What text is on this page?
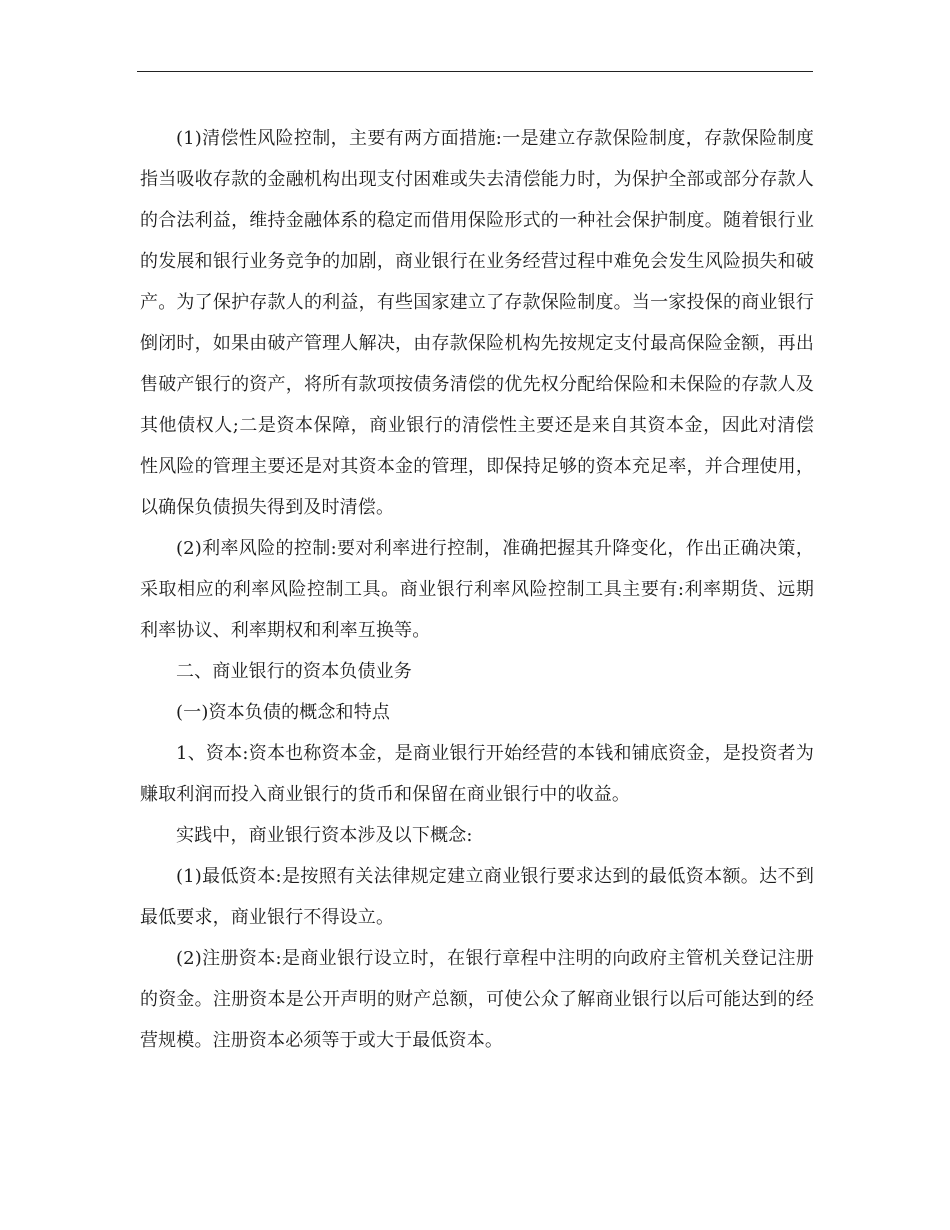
(1)清偿性风险控制，主要有两方面措施:一是建立存款保险制度，存款保险制度指当吸收存款的金融机构出现支付困难或失去清偿能力时，为保护全部或部分存款人的合法利益，维持金融体系的稳定而借用保险形式的一种社会保护制度。随着银行业的发展和银行业务竞争的加剧，商业银行在业务经营过程中难免会发生风险损失和破产。为了保护存款人的利益，有些国家建立了存款保险制度。当一家投保的商业银行倒闭时，如果由破产管理人解决，由存款保险机构先按规定支付最高保险金额，再出售破产银行的资产，将所有款项按债务清偿的优先权分配给保险和未保险的存款人及其他债权人;二是资本保障，商业银行的清偿性主要还是来自其资本金，因此对清偿性风险的管理主要还是对其资本金的管理，即保持足够的资本充足率，并合理使用，以确保负债损失得到及时清偿。

(2)利率风险的控制:要对利率进行控制，准确把握其升降变化，作出正确决策，采取相应的利率风险控制工具。商业银行利率风险控制工具主要有:利率期货、远期利率协议、利率期权和利率互换等。

二、商业银行的资本负债业务

(一)资本负债的概念和特点

1、资本:资本也称资本金，是商业银行开始经营的本钱和铺底资金，是投资者为赚取利润而投入商业银行的货币和保留在商业银行中的收益。

实践中，商业银行资本涉及以下概念:

(1)最低资本:是按照有关法律规定建立商业银行要求达到的最低资本额。达不到最低要求，商业银行不得设立。

(2)注册资本:是商业银行设立时，在银行章程中注明的向政府主管机关登记注册的资金。注册资本是公开声明的财产总额，可使公众了解商业银行以后可能达到的经营规模。注册资本必须等于或大于最低资本。
